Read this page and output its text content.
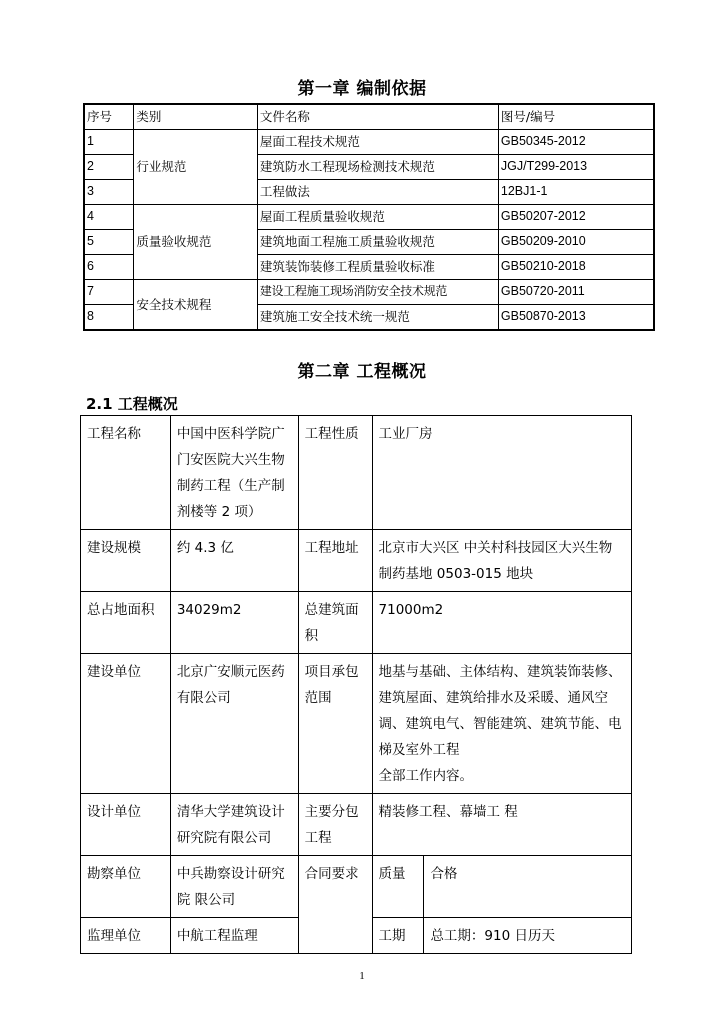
第一章 编制依据
序号	类别	文件名称	图号/编号
1	行业规范	屋面工程技术规范	GB50345-2012
2		建筑防水工程现场检测技术规范	JGJ/T299-2013
3		工程做法	12BJ1-1
4	质量验收规范	屋面工程质量验收规范	GB50207-2012
5		建筑地面工程施工质量验收规范	GB50209-2010
6		建筑装饰装修工程质量验收标准	GB50210-2018
7	安全技术规程	建设工程施工现场消防安全技术规范	GB50720-2011
8		建筑施工安全技术统一规范	GB50870-2013
第二章 工程概况
2.1 工程概况
工程名称	中国中医科学院广门安医院大兴生物制药工程（生产制剂楼等 2 项）	工程性质	工业厂房	
建设规模	约 4.3 亿	工程地址	北京市大兴区 中关村科技园区大兴生物制药基地 0503-015 地块	
总占地面积	34029m2	总建筑面积	71000m2	
建设单位	北京广安顺元医药有限公司	项目承包范围	地基与基础、主体结构、建筑装饰装修、建筑屋面、建筑给排水及采暖、通风空调、建筑电气、智能建筑、建筑节能、电梯及室外工程
全部工作内容。	

设计单位	清华大学建筑设计研究院有限公司	主要分包工程	精装修工程、幕墙工 程	
勘察单位	中兵勘察设计研究院 限公司	合同要求	质量	合格
监理单位	中航工程监理		工期	总工期：910 日历天
1
